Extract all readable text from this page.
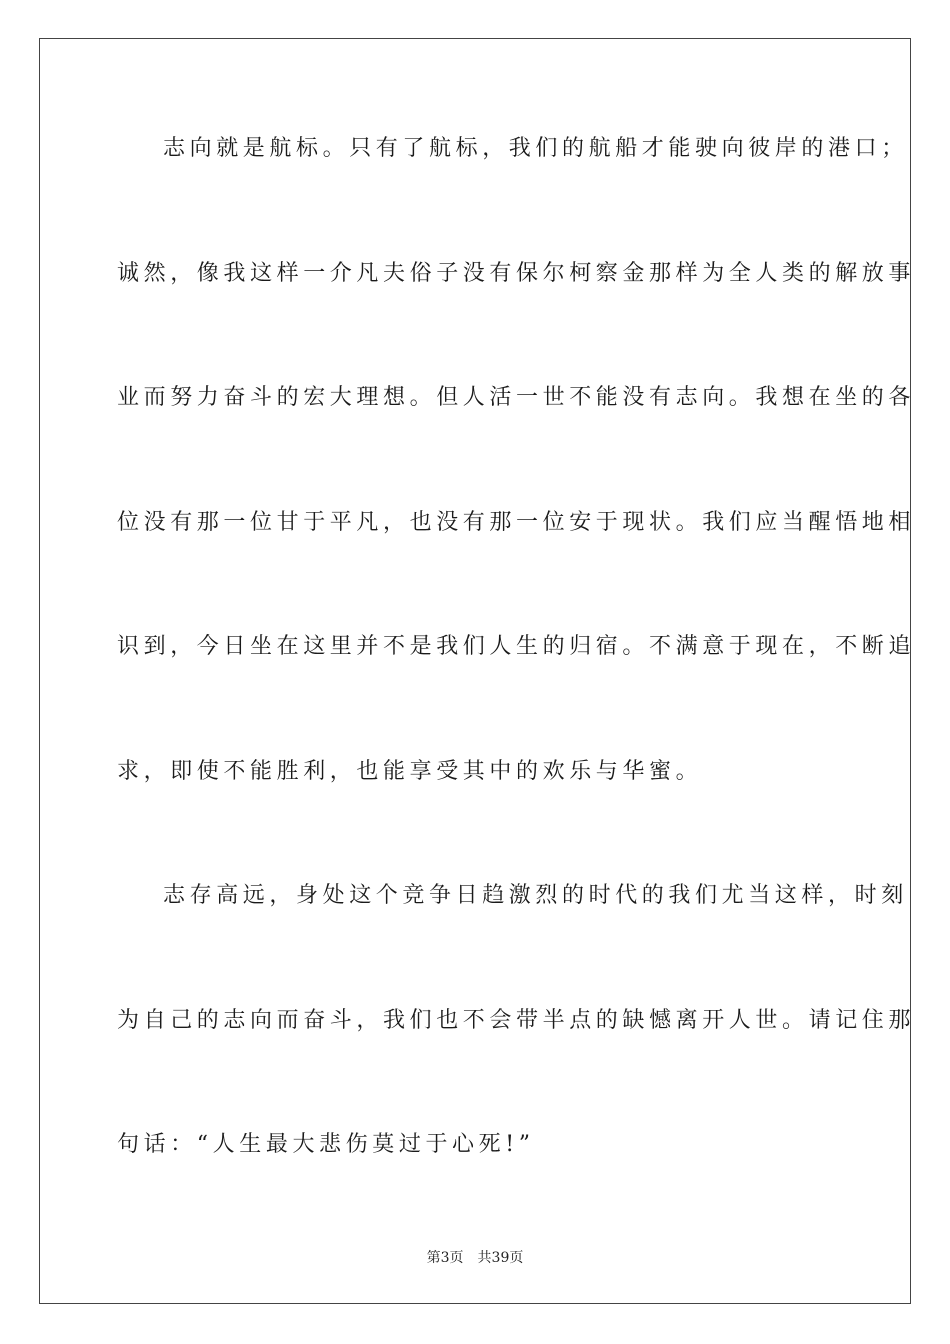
志向就是航标。只有了航标，我们的航船才能驶向彼岸的港口；

诚然，像我这样一介凡夫俗子没有保尔柯察金那样为全人类的解放事

业而努力奋斗的宏大理想。但人活一世不能没有志向。我想在坐的各

位没有那一位甘于平凡，也没有那一位安于现状。我们应当醒悟地相

识到，今日坐在这里并不是我们人生的归宿。不满意于现在，不断追

求，即使不能胜利，也能享受其中的欢乐与华蜜。

志存高远，身处这个竞争日趋激烈的时代的我们尤当这样，时刻

为自己的志向而奋斗，我们也不会带半点的缺憾离开人世。请记住那

句话：“人生最大悲伤莫过于心死!”

第3页 共39页
